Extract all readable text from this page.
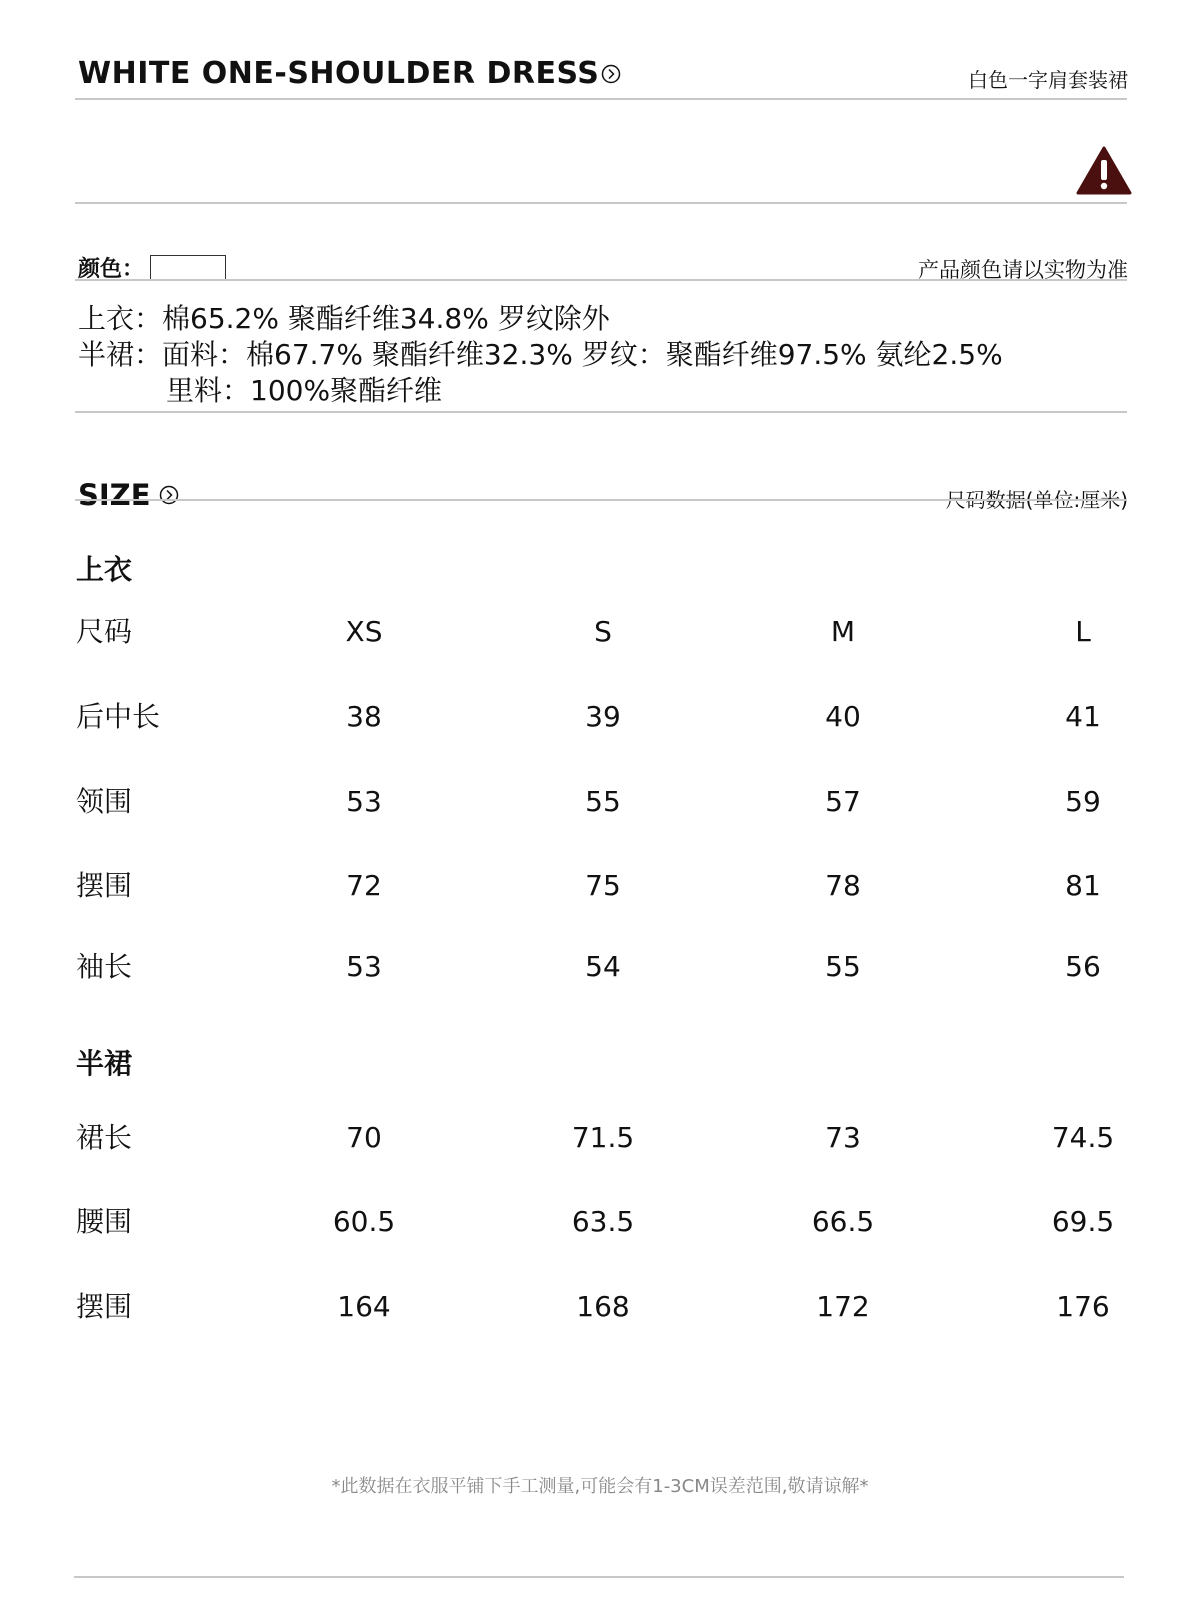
WHITE ONE-SHOULDER DRESS	白色一字肩套装裙
颜色：	产品颜色请以实物为准
上衣：棉65.2% 聚酯纤维34.8% 罗纹除外
半裙：面料：棉67.7% 聚酯纤维32.3% 罗纹：聚酯纤维97.5% 氨纶2.5%
里料：100%聚酯纤维
SIZE	尺码数据(单位:厘米)
上衣
尺码	XS	S	M	L
后中长	38	39	40	41
领围	53	55	57	59
摆围	72	75	78	81
袖长	53	54	55	56
半裙
裙长	70	71.5	73	74.5
腰围	60.5	63.5	66.5	69.5
摆围	164	168	172	176
*此数据在衣服平铺下手工测量,可能会有1-3CM误差范围,敬请谅解*
